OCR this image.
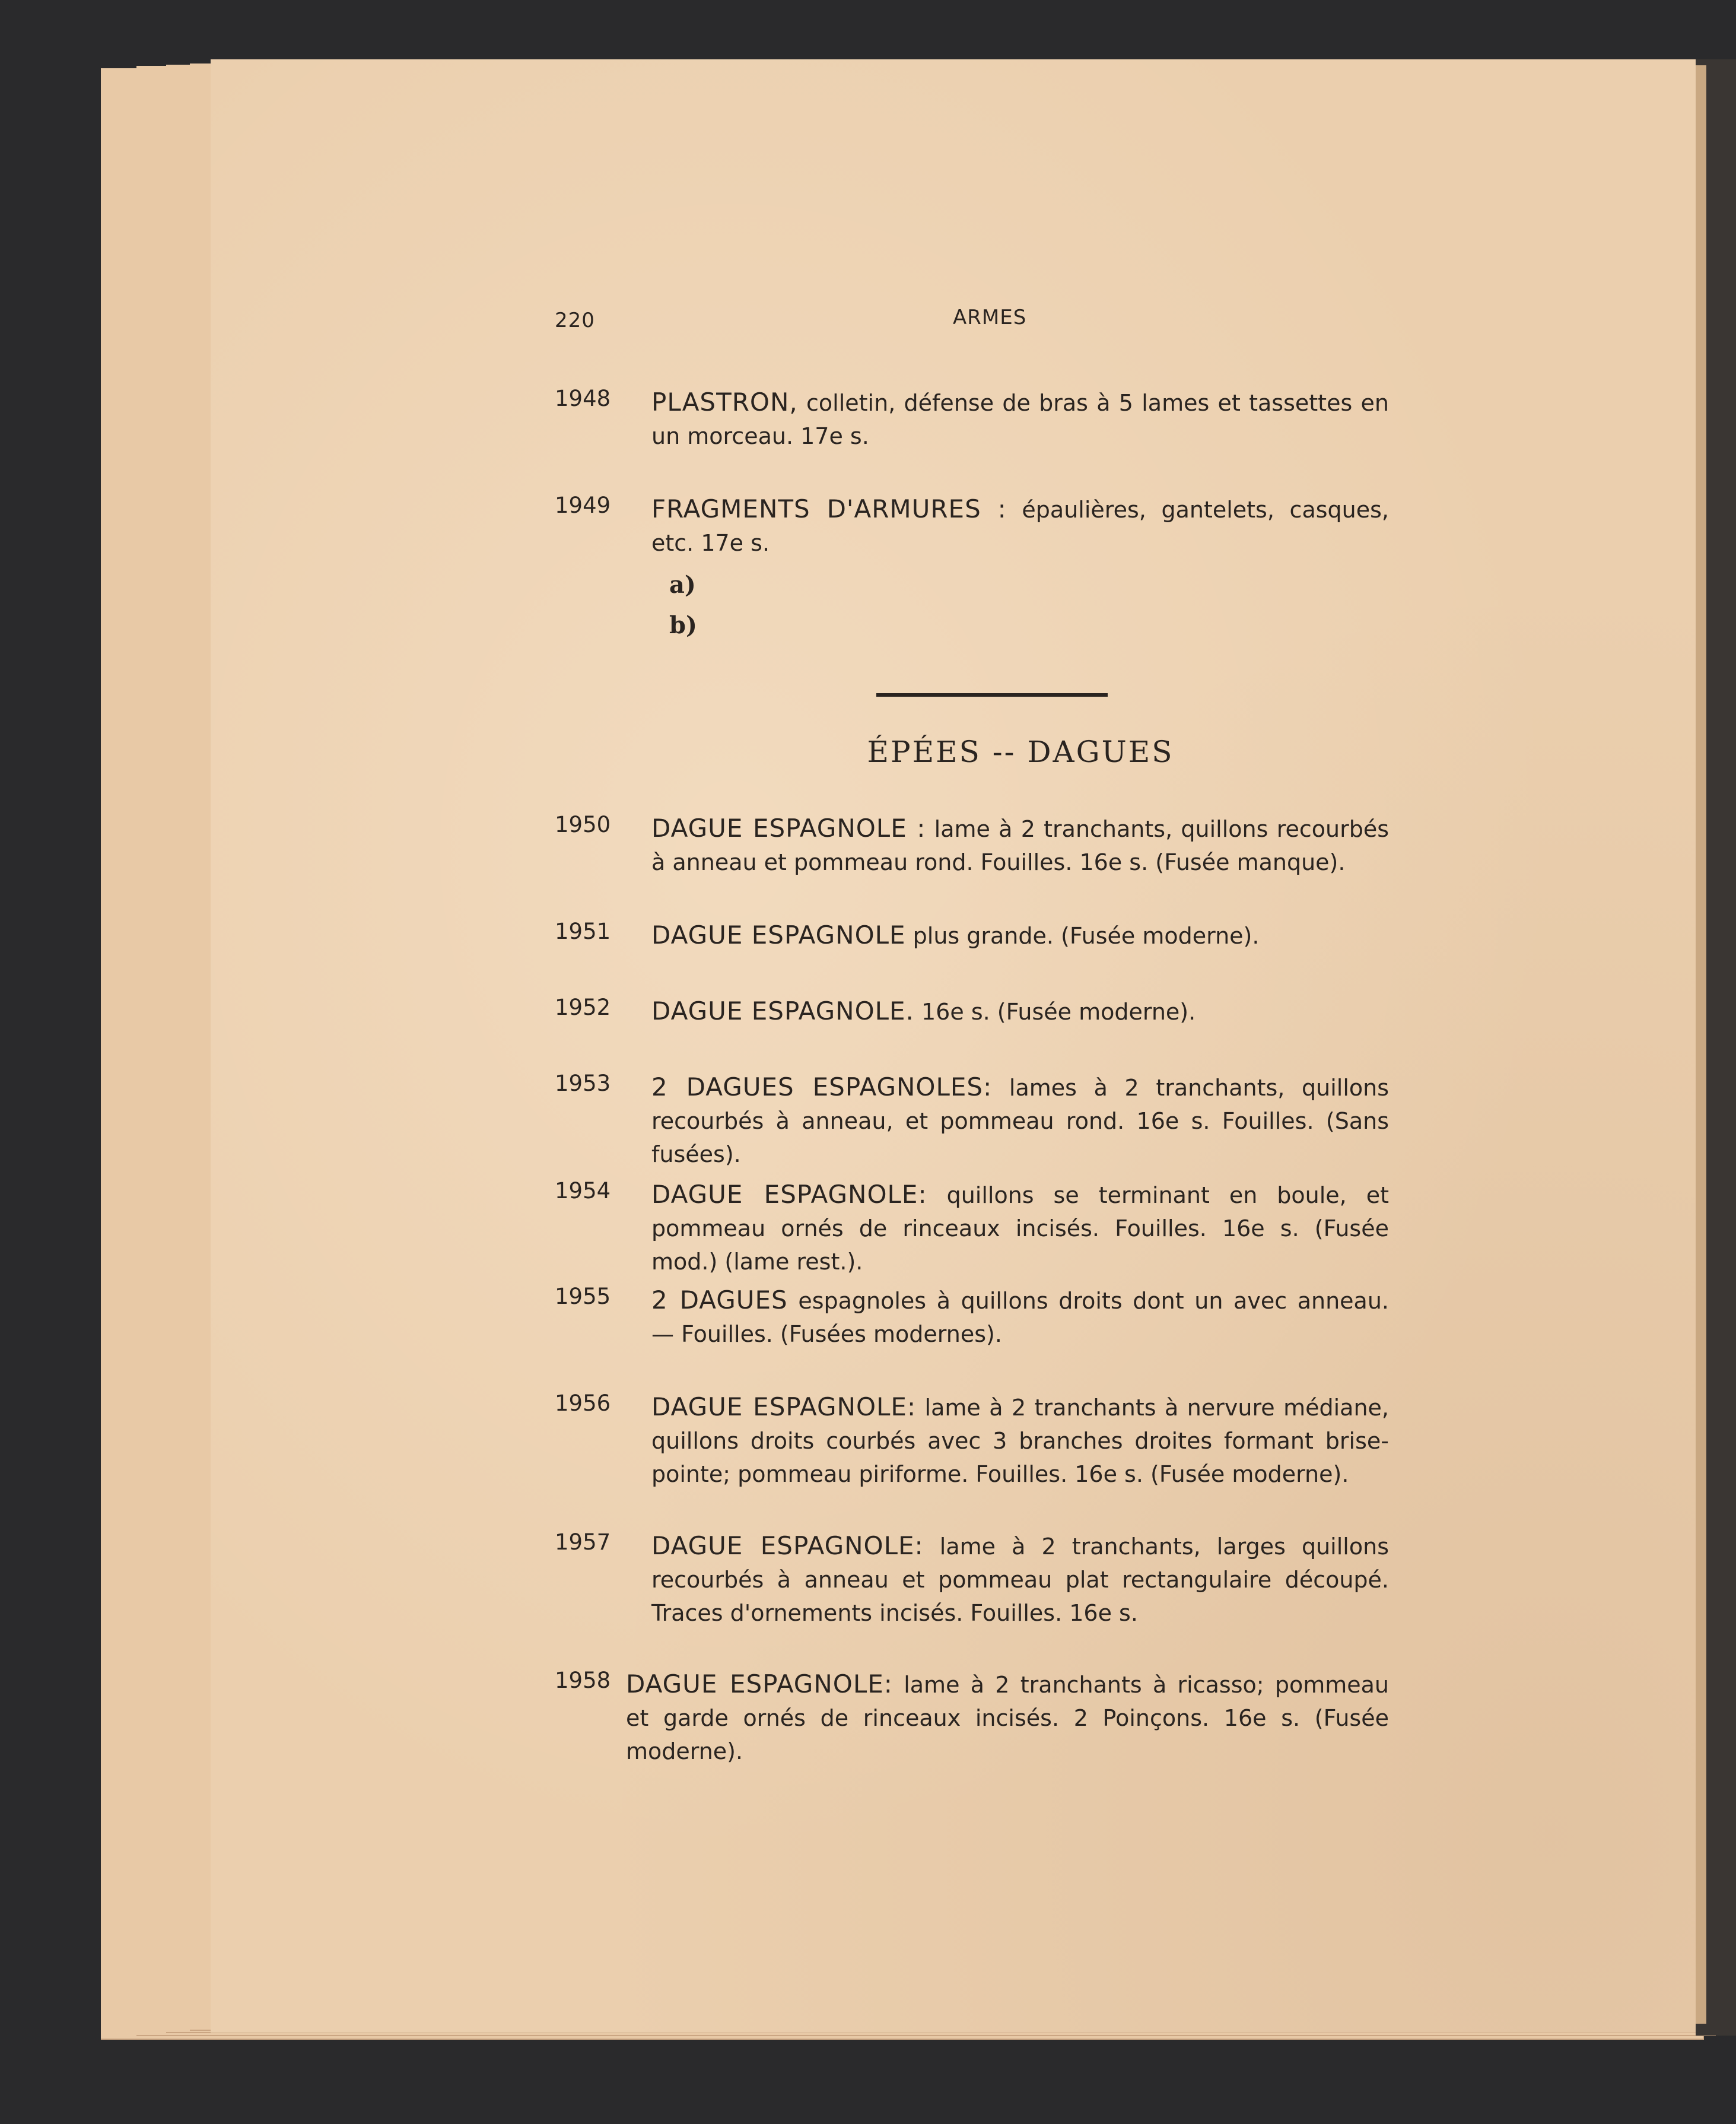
220	ARMES
1948 PLASTRON, colletin, défense de bras à 5 lames et tassettes en un morceau. 17e s.
1949 FRAGMENTS D'ARMURES : épaulières, gantelets, casques, etc. 17e s.
a)
b)
ÉPÉES -- DAGUES
1950 DAGUE ESPAGNOLE : lame à 2 tranchants, quillons recourbés à anneau et pommeau rond. Fouilles. 16e s. (Fusée manque).
1951 DAGUE ESPAGNOLE plus grande. (Fusée moderne).
1952 DAGUE ESPAGNOLE. 16e s. (Fusée moderne).
1953 2 DAGUES ESPAGNOLES: lames à 2 tranchants, quillons recourbés à anneau, et pommeau rond. 16e s. Fouilles. (Sans fusées).
1954 DAGUE ESPAGNOLE: quillons se terminant en boule, et pommeau ornés de rinceaux incisés. Fouilles. 16e s. (Fusée mod.) (lame rest.).
1955 2 DAGUES espagnoles à quillons droits dont un avec anneau. — Fouilles. (Fusées modernes).
1956 DAGUE ESPAGNOLE: lame à 2 tranchants à nervure médiane, quillons droits courbés avec 3 branches droites formant brise-pointe; pommeau piriforme. Fouilles. 16e s. (Fusée moderne).
1957 DAGUE ESPAGNOLE: lame à 2 tranchants, larges quillons recourbés à anneau et pommeau plat rectangulaire découpé. Traces d'ornements incisés. Fouilles. 16e s.
1958 DAGUE ESPAGNOLE: lame à 2 tranchants à ricasso; pommeau et garde ornés de rinceaux incisés. 2 Poinçons. 16e s. (Fusée moderne).
